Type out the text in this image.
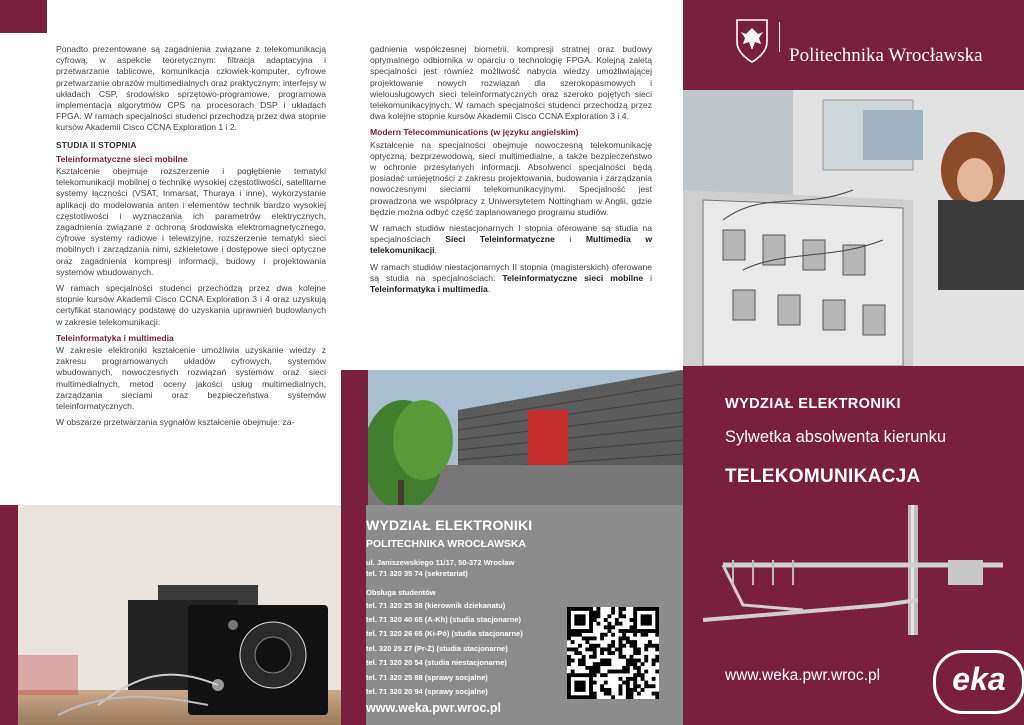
Ponadto prezentowane są zagadnienia związane z telekomunikacją cyfrową; w aspekcie teoretycznym: filtracja adaptacyjna i przetwarzanie tablicowe, komunikacja człowiek-komputer, cyfrowe przetwarzanie obrazów multimedialnych oraz praktycznym: interfejsy w układach CSP, środowisko sprzętowo-programowe, programowa implementacja algorytmów CPS na procesorach DSP i układach FPGA. W ramach specjalności studenci przechodzą przez dwa stopnie kursów Akademii Cisco CCNA Exploration 1 i 2.

STUDIA II STOPNIA
Teleinformatyczne sieci mobilne

Kształcenie obejmuje rozszerzenie i pogłębienie tematyki telekomunikacji mobilnej o technikę wysokiej częstotliwości, satelitarne systemy łączności (VSAT, Inmarsat, Thuraya i inne), wykorzystanie aplikacji do modelowania anten i elementów technik bardzo wysokiej częstotliwości i wyznaczania ich parametrów elektrycznych, zagadnienia związane z ochroną środowiska elektromagnetycznego, cyfrowe systemy radiowe i telewizyjne, rozszerzenie tematyki sieci mobilnych i zarządzania nimi, szkieletowe i dostępowe sieci optyczne oraz zagadnienia kompresji informacji, budowy i projektowania systemów wbudowanych.

W ramach specjalności studenci przechodzą przez dwa kolejne stopnie kursów Akademii Cisco CCNA Exploration 3 i 4 oraz uzyskują certyfikat stanowiący podstawę do uzyskania uprawnień budowlanych w zakresie telekomunikacji.

Teleinformatyka i multimedia

W zakresie elektroniki kształcenie umożliwia uzyskanie wiedzy z zakresu programowanych układów cyfrowych, systemów wbudowanych, nowoczesnych rozwiązań systemów oraz sieci multimedialnych, metod oceny jakości usług multimedialnych, zarządzania sieciami oraz bezpieczeństwa systemów teleinformatycznych.

W obszarze przetwarzania sygnałów kształcenie obejmuje: za-

gadnienia współczesnej biometrii, kompresji stratnej oraz budowy optymalnego odbiornika w oparciu o technologię FPGA. Kolejną zaletą specjalności jest również możliwość nabycia wiedzy umożliwiającej projektowanie nowych rozwiązań dla szerokopasmowych i wielousługowych sieci teleinformatycznych oraz szeroko pojętych sieci telekomunikacyjnych. W ramach specjalności studenci przechodzą przez dwa kolejne stopnie kursów Akademii Cisco CCNA Exploration 3 i 4.

Modern Telecommunications (w języku angielskim)

Kształcenie na specjalności obejmuje nowoczesną telekomunikację optyczną, bezprzewodową, sieci multimedialne, a także bezpieczeństwo w ochronie przesyłanych informacji. Absolwenci specjalności będą posiadać umiejętności z zakresu projektowania, budowania i zarządzania nowoczesnymi sieciami telekomunikacyjnymi. Specjalność jest prowadzona we współpracy z Uniwersytetem Nottingham w Anglii, gdzie będzie można odbyć część zaplanowanego programu studiów.

W ramach studiów niestacjonarnych I stopnia oferowane są studia na specjalnościach Sieci Teleinformatyczne i Multimedia w telekomunikacji.

W ramach studiów niestacjonarnych II stopnia (magisterskich) oferowane są studia na specjalnościach: Teleinformatyczne sieci mobilne i Teleinformatyka i multimedia.

WYDZIAŁ ELEKTRONIKI
POLITECHNIKA WROCŁAWSKA
ul. Janiszewskiego 11/17, 50-372 Wrocław
tel. 71 320 35 74 (sekretariat)
Obsługa studentów
tel. 71 320 25 38 (kierownik dziekanatu)
tel. 71 320 40 65 (A-Kh) (studia stacjonarne)
tel. 71 320 26 65 (Ki-Pó) (studia stacjonarne)
tel. 320 25 27 (Pr-Ż) (studia stacjonarne)
tel. 71 320 20 54 (studia niestacjonarne)
tel. 71 320 25 88 (sprawy socjalne)
tel. 71 320 20 94 (sprawy socjalne)
www.weka.pwr.wroc.pl
Politechnika Wrocławska
WYDZIAŁ ELEKTRONIKI
Sylwetka absolwenta kierunku
TELEKOMUNIKACJA
www.weka.pwr.wroc.pl	eka
